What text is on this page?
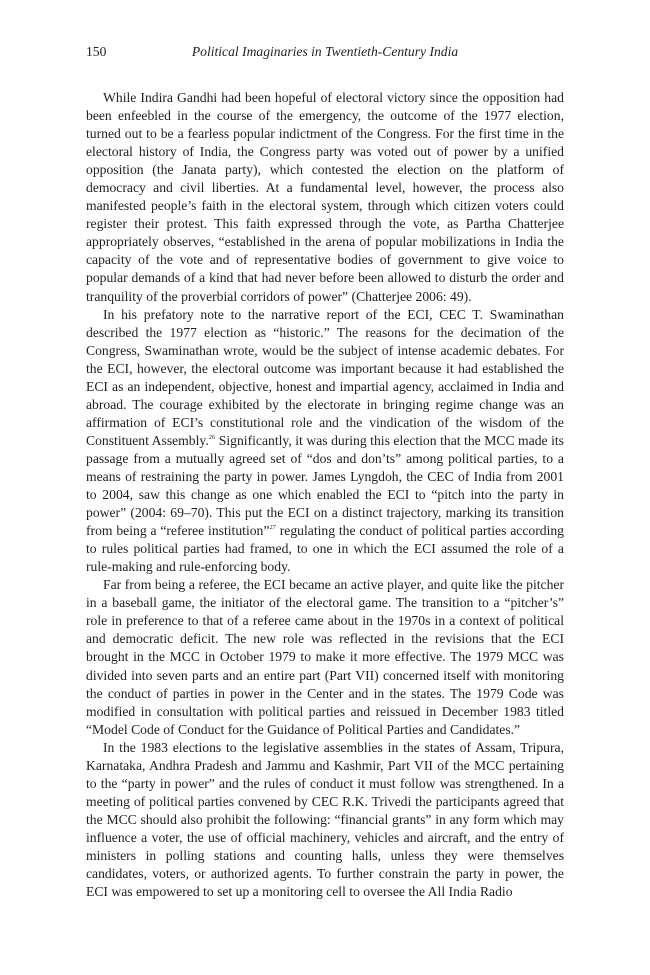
150	Political Imaginaries in Twentieth-Century India

While Indira Gandhi had been hopeful of electoral victory since the opposition had been enfeebled in the course of the emergency, the outcome of the 1977 election, turned out to be a fearless popular indictment of the Congress. For the first time in the electoral history of India, the Congress party was voted out of power by a unified opposition (the Janata party), which contested the election on the platform of democracy and civil liberties. At a fundamental level, however, the process also manifested people’s faith in the electoral system, through which citizen voters could register their protest. This faith expressed through the vote, as Partha Chatterjee appropriately observes, “established in the arena of popular mobilizations in India the capacity of the vote and of representative bodies of government to give voice to popular demands of a kind that had never before been allowed to disturb the order and tranquility of the proverbial corridors of power” (Chatterjee 2006: 49).

In his prefatory note to the narrative report of the ECI, CEC T. Swaminathan described the 1977 election as “historic.” The reasons for the decimation of the Congress, Swaminathan wrote, would be the subject of intense academic debates. For the ECI, however, the electoral outcome was important because it had established the ECI as an independent, objective, honest and impartial agency, acclaimed in India and abroad. The courage exhibited by the electorate in bringing regime change was an affirmation of ECI’s constitutional role and the vindication of the wisdom of the Constituent Assembly.$^{26}$ Significantly, it was during this election that the MCC made its passage from a mutually agreed set of “dos and don’ts” among political parties, to a means of restraining the party in power. James Lyngdoh, the CEC of India from 2001 to 2004, saw this change as one which enabled the ECI to “pitch into the party in power” (2004: 69–70). This put the ECI on a distinct trajectory, marking its transition from being a “referee institution”$^{27}$ regulating the conduct of political parties according to rules political parties had framed, to one in which the ECI assumed the role of a rule-making and rule-enforcing body.

Far from being a referee, the ECI became an active player, and quite like the pitcher in a baseball game, the initiator of the electoral game. The transition to a “pitcher’s” role in preference to that of a referee came about in the 1970s in a context of political and democratic deficit. The new role was reflected in the revisions that the ECI brought in the MCC in October 1979 to make it more effective. The 1979 MCC was divided into seven parts and an entire part (Part VII) concerned itself with monitoring the conduct of parties in power in the Center and in the states. The 1979 Code was modified in consultation with political parties and reissued in December 1983 titled “Model Code of Conduct for the Guidance of Political Parties and Candidates.”

In the 1983 elections to the legislative assemblies in the states of Assam, Tripura, Karnataka, Andhra Pradesh and Jammu and Kashmir, Part VII of the MCC pertaining to the “party in power” and the rules of conduct it must follow was strengthened. In a meeting of political parties convened by CEC R.K. Trivedi the participants agreed that the MCC should also prohibit the following: “financial grants” in any form which may influence a voter, the use of official machinery, vehicles and aircraft, and the entry of ministers in polling stations and counting halls, unless they were themselves candidates, voters, or authorized agents. To further constrain the party in power, the ECI was empowered to set up a monitoring cell to oversee the All India Radio
